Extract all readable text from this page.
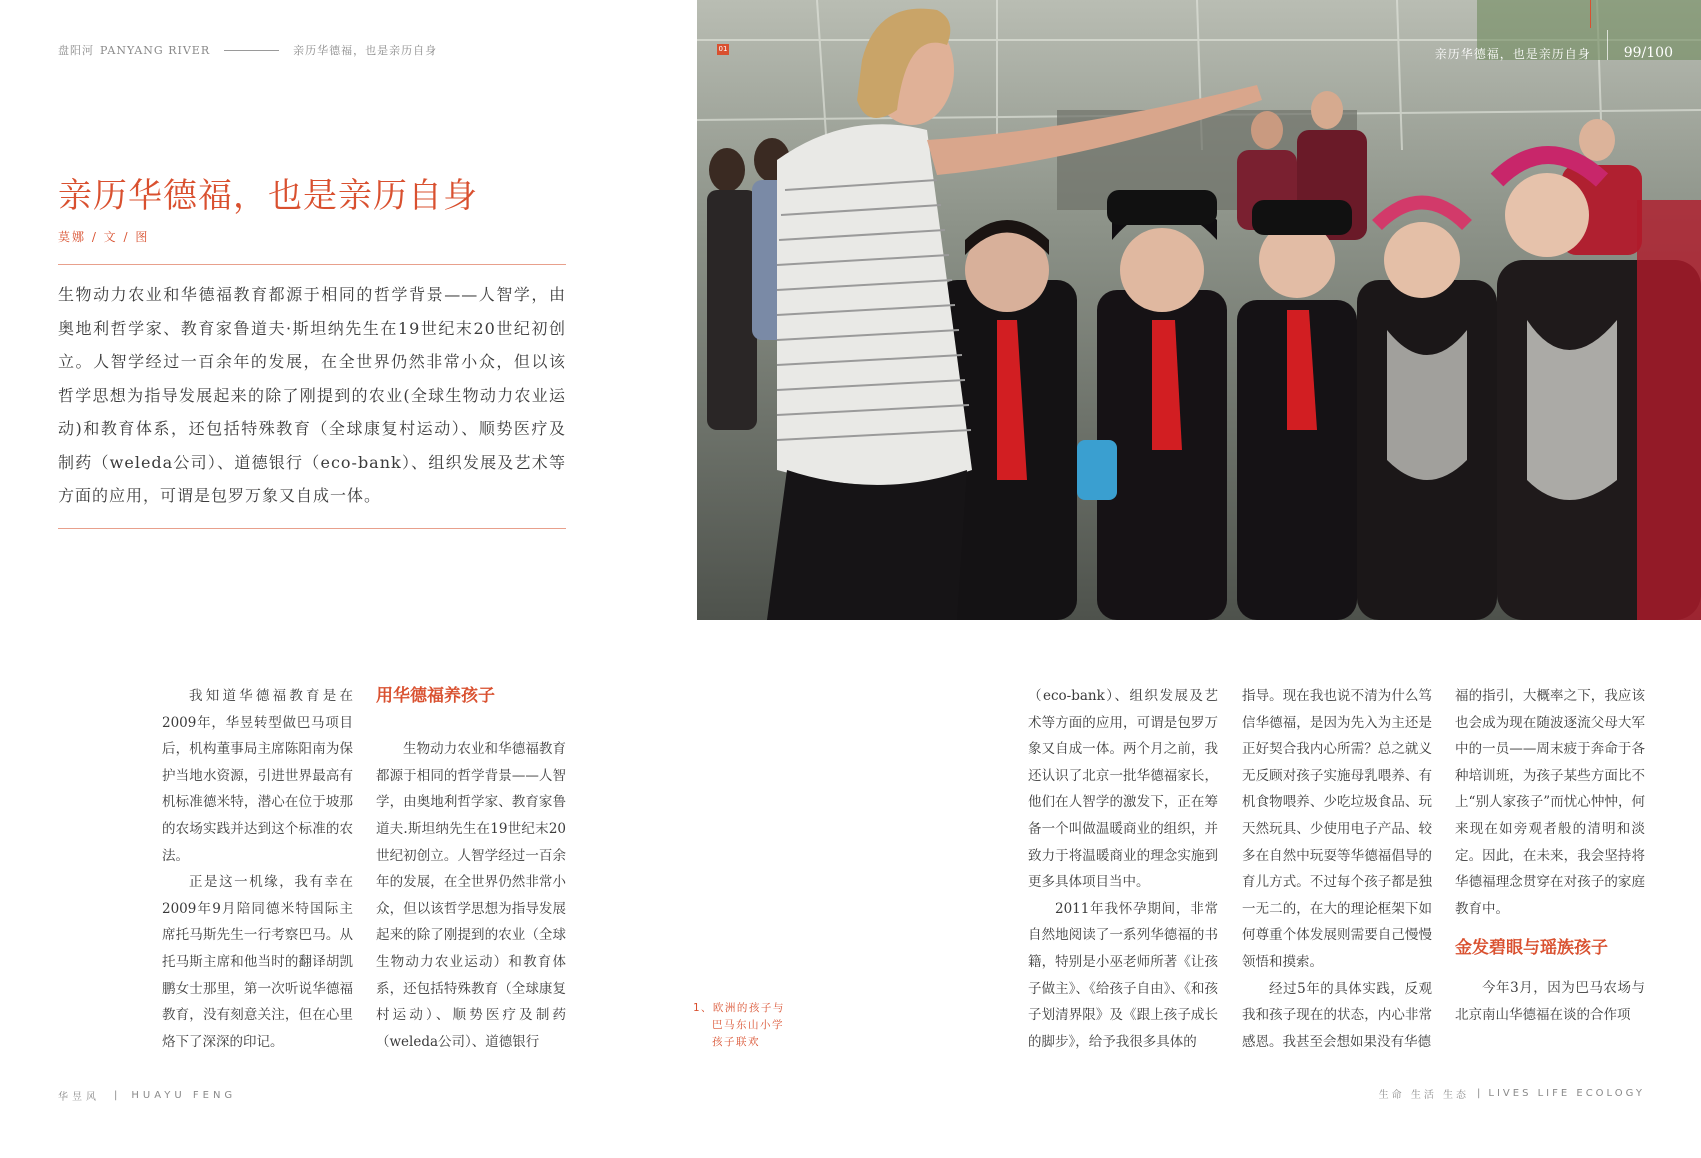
盘阳河 PANYANG RIVER	亲历华德福，也是亲历自身
亲历华德福，也是亲历自身
莫娜 / 文 / 图

生物动力农业和华德福教育都源于相同的哲学背景——人智学，由奥地利哲学家、教育家鲁道夫·斯坦纳先生在19世纪末20世纪初创立。人智学经过一百余年的发展，在全世界仍然非常小众，但以该哲学思想为指导发展起来的除了刚提到的农业(全球生物动力农业运动)和教育体系，还包括特殊教育（全球康复村运动）、顺势医疗及制药（weleda公司）、道德银行（eco-bank）、组织发展及艺术等方面的应用，可谓是包罗万象又自成一体。

01	亲历华德福，也是亲历自身 99/100

我知道华德福教育是在2009年，华昱转型做巴马项目后，机构董事局主席陈阳南为保护当地水资源，引进世界最高有机标准德米特，潜心在位于坡那的农场实践并达到这个标准的农法。

正是这一机缘，我有幸在2009年9月陪同德米特国际主席托马斯先生一行考察巴马。从托马斯主席和他当时的翻译胡凯鹏女士那里，第一次听说华德福教育，没有刻意关注，但在心里烙下了深深的印记。

用华德福养孩子

生物动力农业和华德福教育都源于相同的哲学背景——人智学，由奥地利哲学家、教育家鲁道夫.斯坦纳先生在19世纪末20世纪初创立。人智学经过一百余年的发展，在全世界仍然非常小众，但以该哲学思想为指导发展起来的除了刚提到的农业（全球生物动力农业运动）和教育体系，还包括特殊教育（全球康复村运动）、顺势医疗及制药（weleda公司）、道德银行

1、欧洲的孩子与
巴马东山小学
孩子联欢

（eco-bank）、组织发展及艺术等方面的应用，可谓是包罗万象又自成一体。两个月之前，我还认识了北京一批华德福家长，他们在人智学的激发下，正在筹备一个叫做温暖商业的组织，并致力于将温暖商业的理念实施到更多具体项目当中。

2011年我怀孕期间，非常自然地阅读了一系列华德福的书籍，特别是小巫老师所著《让孩子做主》、《给孩子自由》、《和孩子划清界限》及《跟上孩子成长的脚步》，给予我很多具体的

指导。现在我也说不清为什么笃信华德福，是因为先入为主还是正好契合我内心所需？总之就义无反顾对孩子实施母乳喂养、有机食物喂养、少吃垃圾食品、玩天然玩具、少使用电子产品、较多在自然中玩耍等华德福倡导的育儿方式。不过每个孩子都是独一无二的，在大的理论框架下如何尊重个体发展则需要自己慢慢领悟和摸索。

经过5年的具体实践，反观我和孩子现在的状态，内心非常感恩。我甚至会想如果没有华德

福的指引，大概率之下，我应该也会成为现在随波逐流父母大军中的一员——周末疲于奔命于各种培训班，为孩子某些方面比不上“别人家孩子”而忧心忡忡，何来现在如旁观者般的清明和淡定。因此，在未来，我会坚持将华德福理念贯穿在对孩子的家庭教育中。

金发碧眼与瑶族孩子

今年3月，因为巴马农场与北京南山华德福在谈的合作项

华昱风 | HUAYU FENG	生命 生活 生态 | LIVES LIFE ECOLOGY
